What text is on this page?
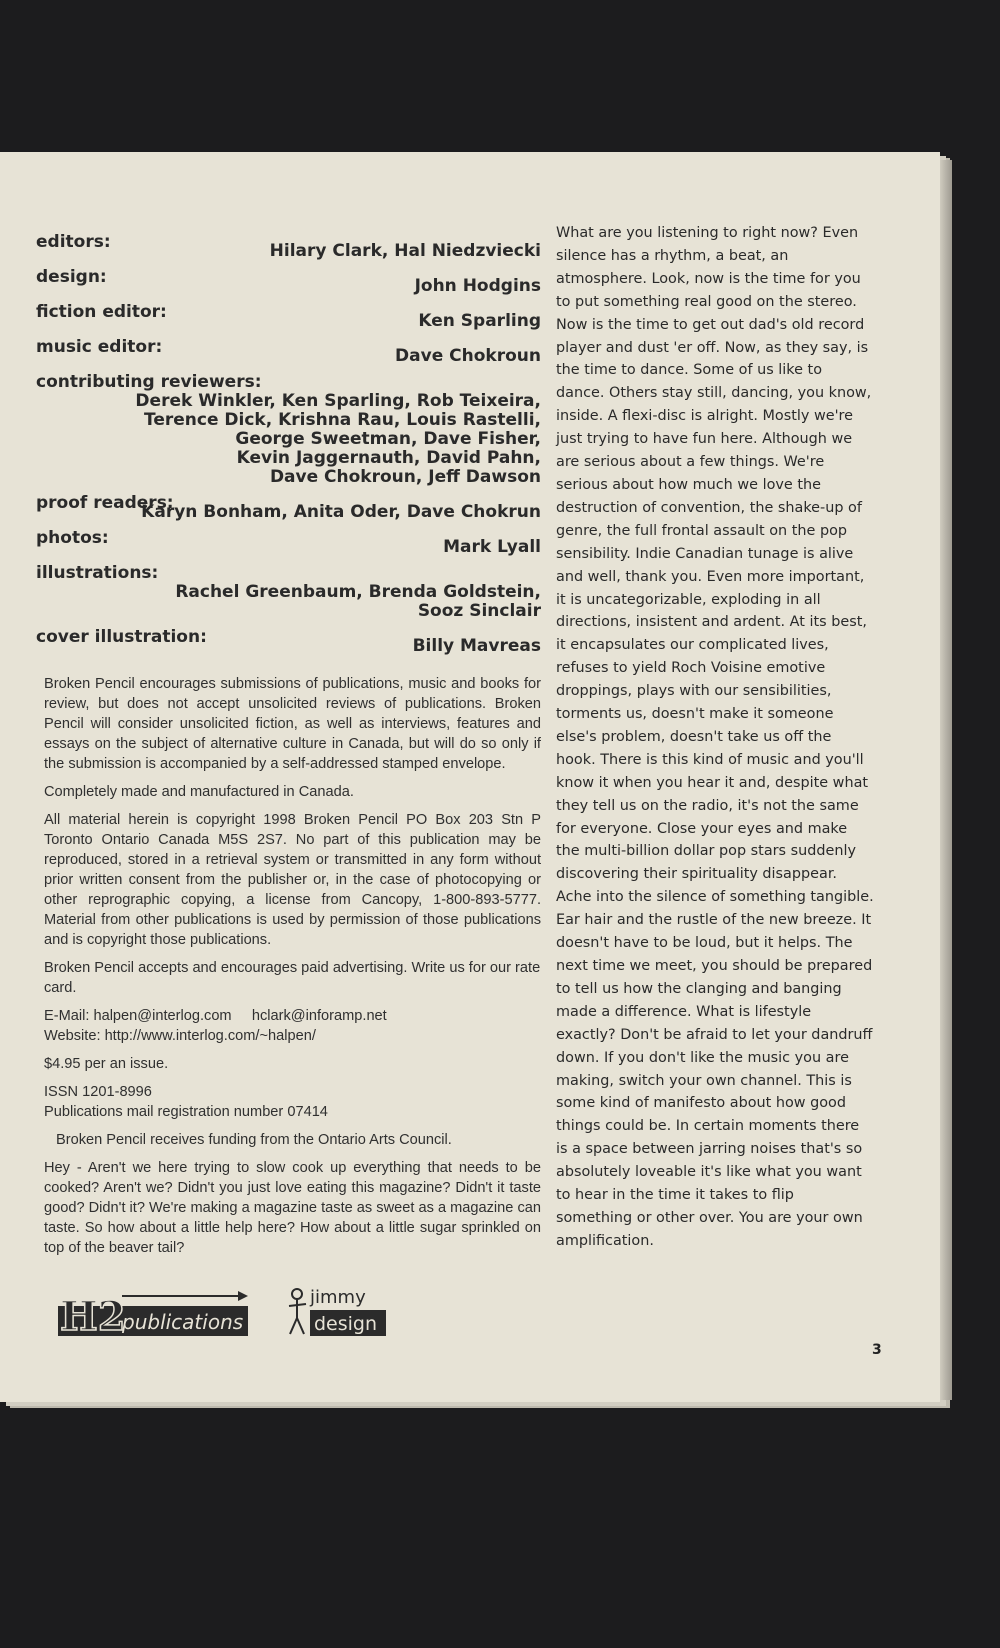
editors:	Hilary Clark, Hal Niedzviecki
design:	John Hodgins
fiction editor:	Ken Sparling
music editor:	Dave Chokroun
contributing reviewers:
Derek Winkler, Ken Sparling, Rob Teixeira,
Terence Dick, Krishna Rau, Louis Rastelli,
George Sweetman, Dave Fisher,
Kevin Jaggernauth, David Pahn,
Dave Chokroun, Jeff Dawson
proof readers:
Karyn Bonham, Anita Oder, Dave Chokrun
photos:	Mark Lyall
illustrations:
Rachel Greenbaum, Brenda Goldstein,
Sooz Sinclair
cover illustration:	Billy Mavreas

Broken Pencil encourages submissions of publications, music and books for review, but does not accept unsolicited reviews of publications. Broken Pencil will consider unsolicited fiction, as well as interviews, features and essays on the subject of alternative culture in Canada, but will do so only if the submission is accompanied by a self-addressed stamped envelope.

Completely made and manufactured in Canada.

All material herein is copyright 1998 Broken Pencil PO Box 203 Stn P Toronto Ontario Canada M5S 2S7. No part of this publication may be reproduced, stored in a retrieval system or transmitted in any form without prior written consent from the publisher or, in the case of photocopying or other reprographic copying, a license from Cancopy, 1-800-893-5777. Material from other publications is used by permission of those publications and is copyright those publications.

Broken Pencil accepts and encourages paid advertising. Write us for our rate card.

E-Mail: halpen@interlog.com     hclark@inforamp.net
Website: http://www.interlog.com/~halpen/

$4.95 per an issue.

ISSN 1201-8996
Publications mail registration number 07414

Broken Pencil receives funding from the Ontario Arts Council.

Hey - Aren't we here trying to slow cook up everything that needs to be cooked? Aren't we? Didn't you just love eating this magazine? Didn't it taste good? Didn't it? We're making a magazine taste as sweet as a magazine can taste. So how about a little help here? How about a little sugar sprinkled on top of the beaver tail?

H2
publications
jimmy
design

What are you listening to right now? Even silence has a rhythm, a beat, an atmosphere. Look, now is the time for you to put something real good on the stereo. Now is the time to get out dad's old record player and dust 'er off. Now, as they say, is the time to dance. Some of us like to dance. Others stay still, dancing, you know, inside. A flexi-disc is alright. Mostly we're just trying to have fun here. Although we are serious about a few things. We're serious about how much we love the destruction of convention, the shake-up of genre, the full frontal assault on the pop sensibility. Indie Canadian tunage is alive and well, thank you. Even more important, it is uncategorizable, exploding in all directions, insistent and ardent. At its best, it encapsulates our complicated lives, refuses to yield Roch Voisine emotive droppings, plays with our sensibilities, torments us, doesn't make it someone else's problem, doesn't take us off the hook. There is this kind of music and you'll know it when you hear it and, despite what they tell us on the radio, it's not the same for everyone. Close your eyes and make the multi-billion dollar pop stars suddenly discovering their spirituality disappear. Ache into the silence of something tangible. Ear hair and the rustle of the new breeze. It doesn't have to be loud, but it helps. The next time we meet, you should be prepared to tell us how the clanging and banging made a difference. What is lifestyle exactly? Don't be afraid to let your dandruff down. If you don't like the music you are making, switch your own channel. This is some kind of manifesto about how good things could be. In certain moments there is a space between jarring noises that's so absolutely loveable it's like what you want to hear in the time it takes to flip something or other over. You are your own amplification.

3
